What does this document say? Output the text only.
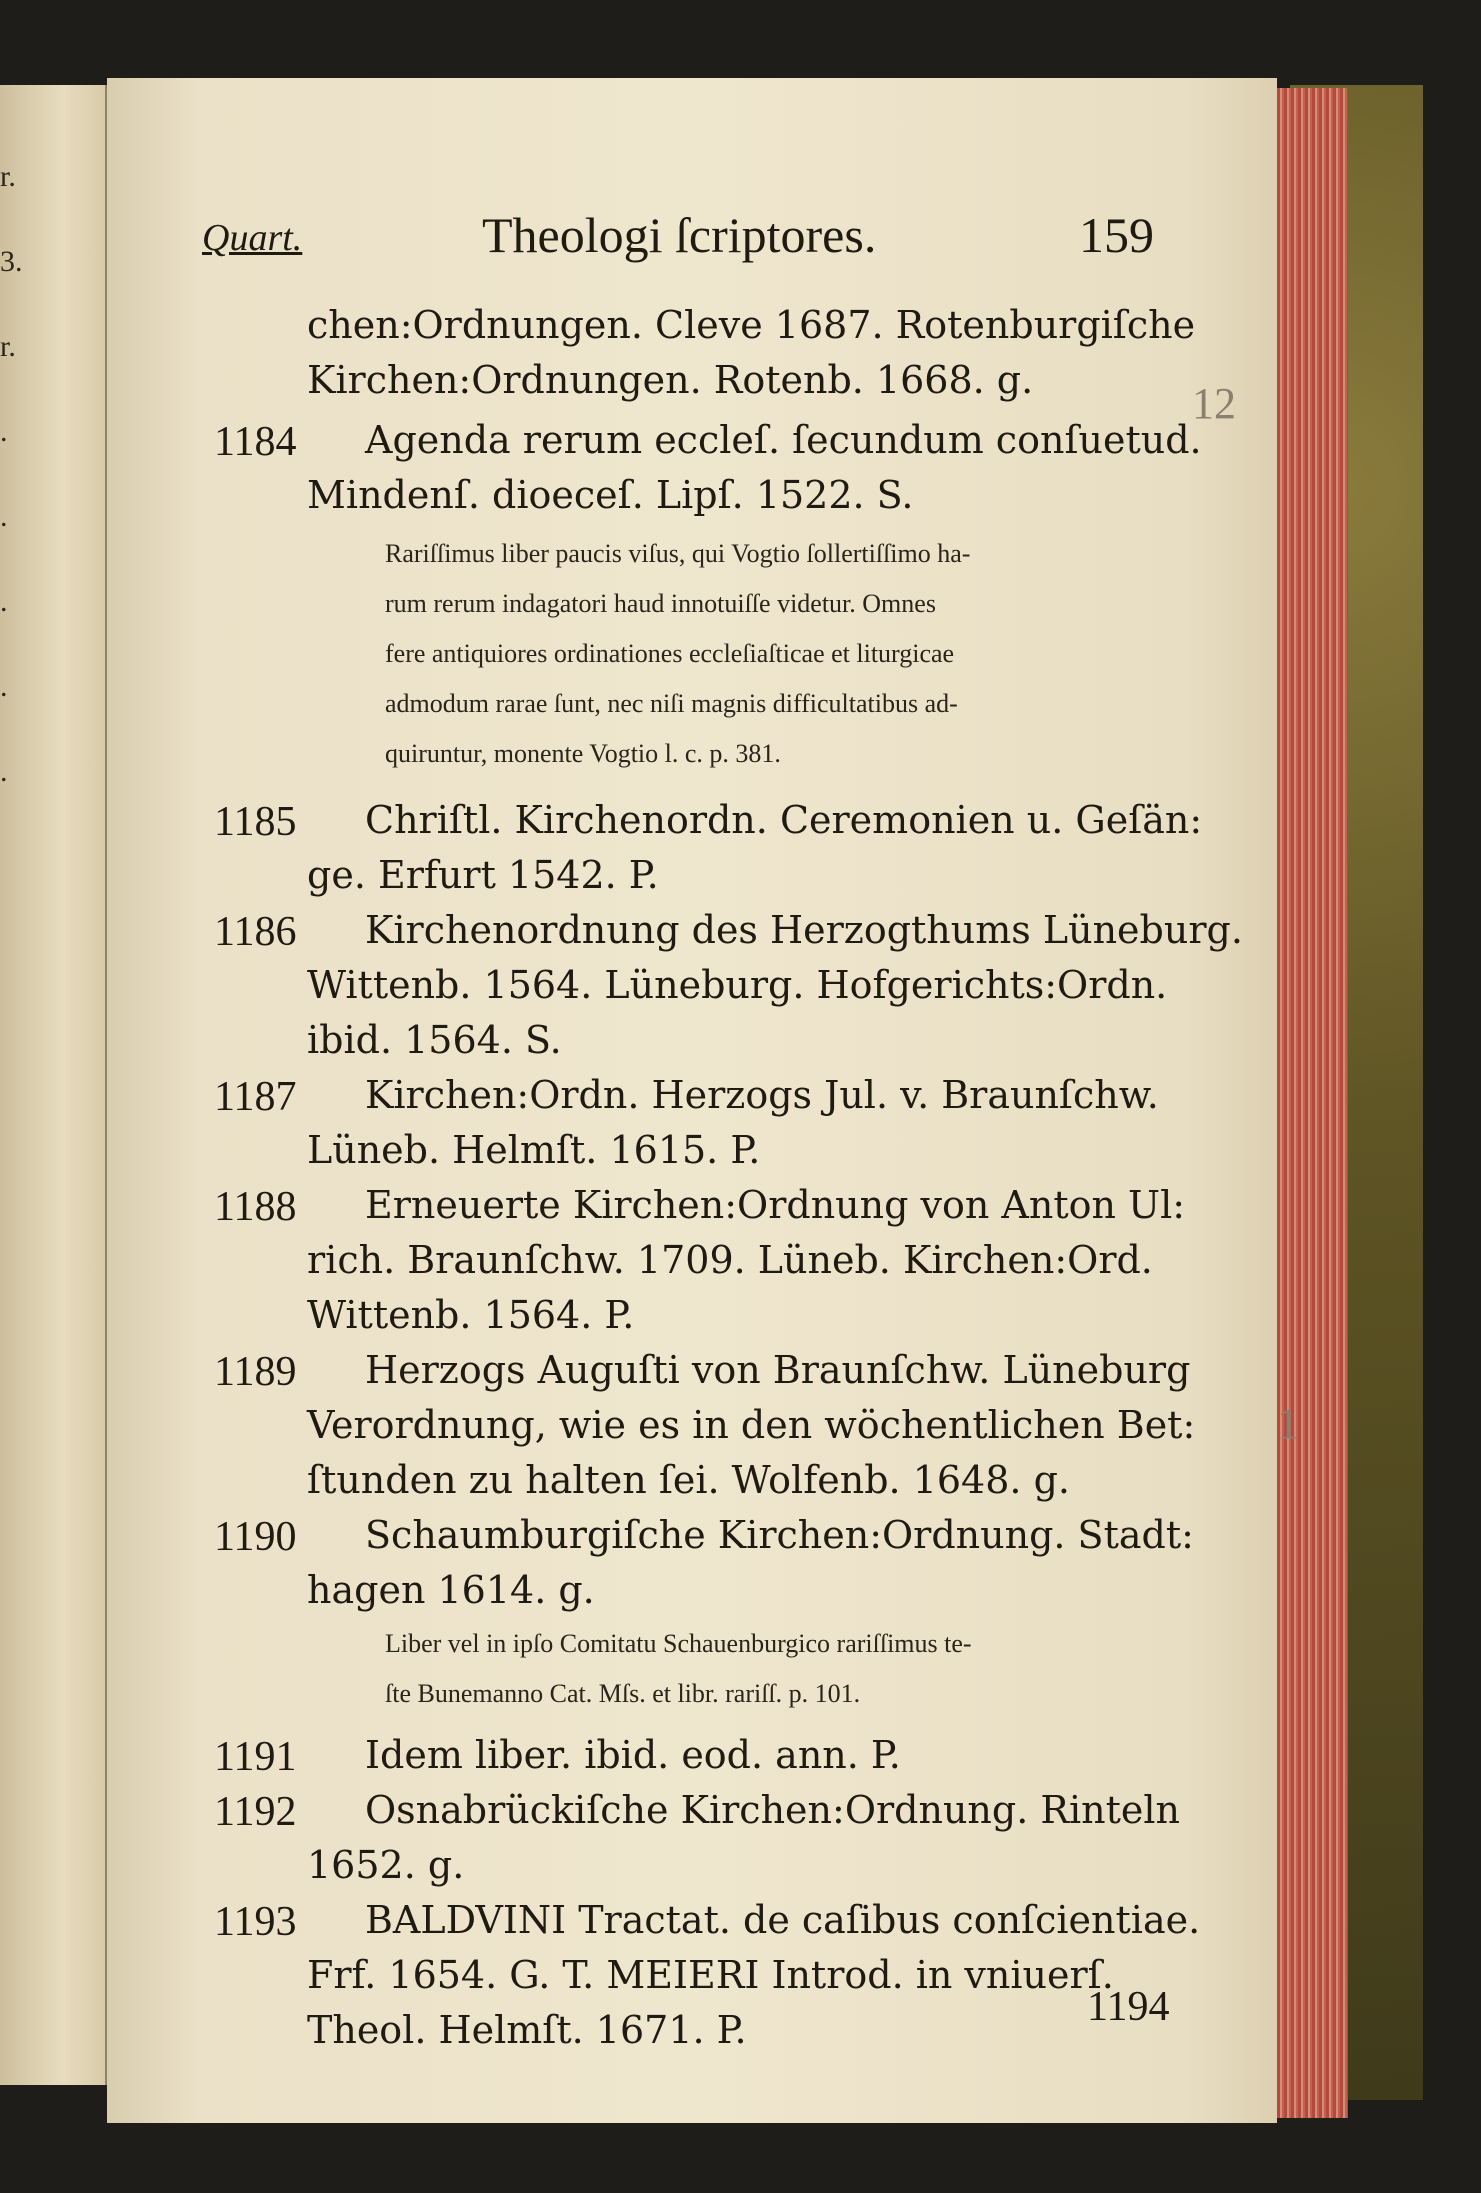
r.
3.
r.
.
.
.
.
.
Quart.	Theologi ſcriptores.	159
chen:Ordnungen. Cleve 1687. Rotenburgiſche
Kirchen:Ordnungen. Rotenb. 1668. g.
1184 Agenda rerum eccleſ. ſecundum conſuetud.
Mindenſ. dioeceſ. Lipſ. 1522. S.
Rariſſimus liber paucis viſus, qui Vogtio ſollertiſſimo ha-
rum rerum indagatori haud innotuiſſe videtur. Omnes
fere antiquiores ordinationes eccleſiaſticae et liturgicae
admodum rarae ſunt, nec niſi magnis difficultatibus ad-
quiruntur, monente Vogtio l. c. p. 381.
1185 Chriſtl. Kirchenordn. Ceremonien u. Geſän:
ge. Erfurt 1542. P.
1186 Kirchenordnung des Herzogthums Lüneburg.
Wittenb. 1564. Lüneburg. Hofgerichts:Ordn.
ibid. 1564. S.
1187 Kirchen:Ordn. Herzogs Jul. v. Braunſchw.
Lüneb. Helmſt. 1615. P.
1188 Erneuerte Kirchen:Ordnung von Anton Ul:
rich. Braunſchw. 1709. Lüneb. Kirchen:Ord.
Wittenb. 1564. P.
1189 Herzogs Auguſti von Braunſchw. Lüneburg
Verordnung, wie es in den wöchentlichen Bet:
ſtunden zu halten ſei. Wolfenb. 1648. g.
1190 Schaumburgiſche Kirchen:Ordnung. Stadt:
hagen 1614. g.
Liber vel in ipſo Comitatu Schauenburgico rariſſimus te-
ſte Bunemanno Cat. Mſs. et libr. rariſſ. p. 101.
1191 Idem liber. ibid. eod. ann. P.
1192 Osnabrückiſche Kirchen:Ordnung. Rinteln
1652. g.
1193 BALDVINI Tractat. de caſibus conſcientiae.
Frf. 1654. G. T. MEIERI Introd. in vniuerſ.
Theol. Helmſt. 1671. P.
12
1
1194
